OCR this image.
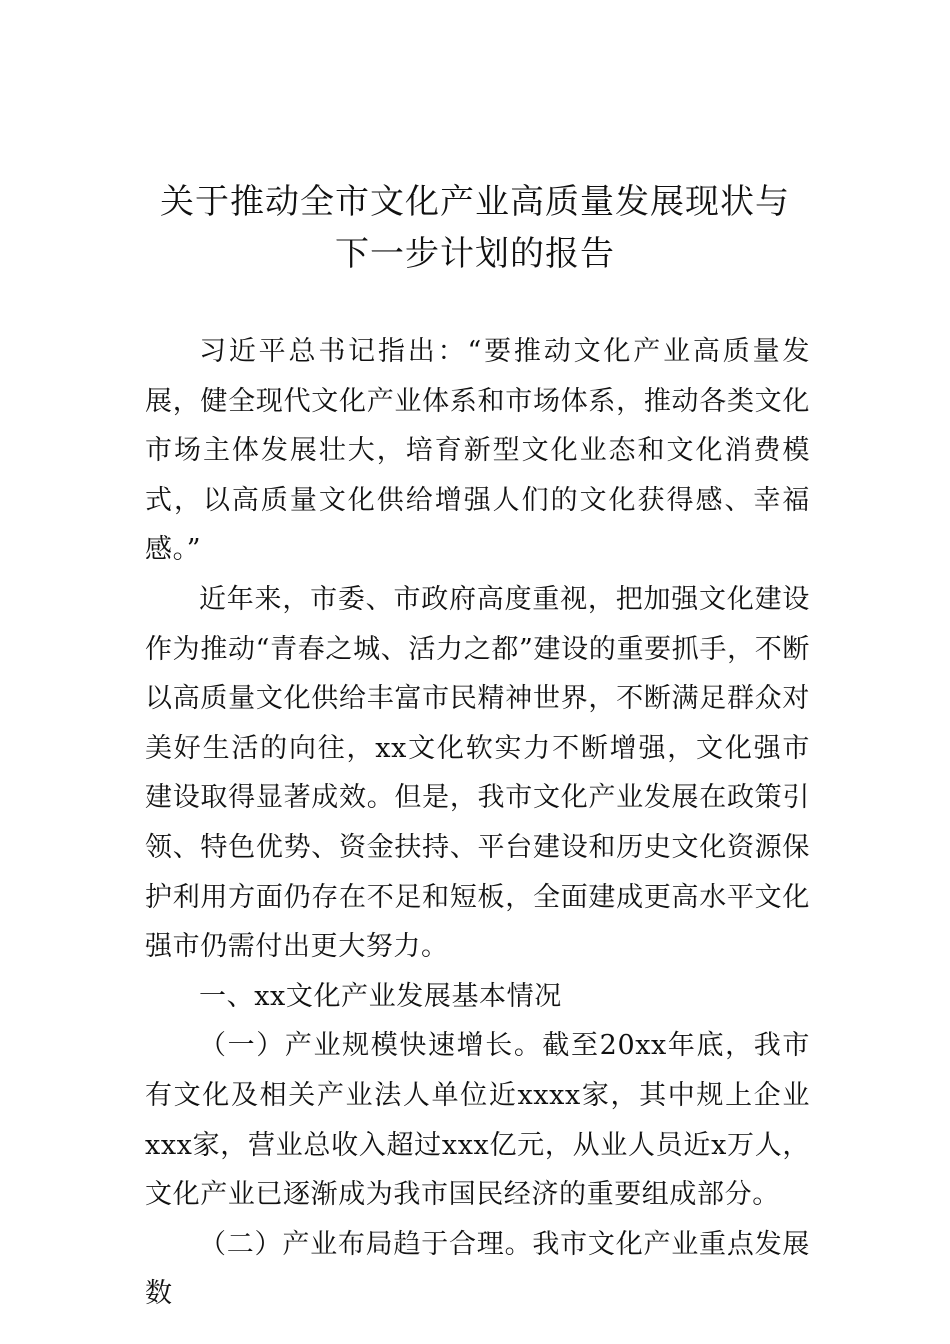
关于推动全市文化产业高质量发展现状与
下一步计划的报告

习近平总书记指出：“要推动文化产业高质量发展，健全现代文化产业体系和市场体系，推动各类文化市场主体发展壮大，培育新型文化业态和文化消费模式，以高质量文化供给增强人们的文化获得感、幸福感。”

近年来，市委、市政府高度重视，把加强文化建设作为推动“青春之城、活力之都”建设的重要抓手，不断以高质量文化供给丰富市民精神世界，不断满足群众对美好生活的向往，xx文化软实力不断增强，文化强市建设取得显著成效。但是，我市文化产业发展在政策引领、特色优势、资金扶持、平台建设和历史文化资源保护利用方面仍存在不足和短板，全面建成更高水平文化强市仍需付出更大努力。

一、xx文化产业发展基本情况

（一）产业规模快速增长。截至20xx年底，我市有文化及相关产业法人单位近xxxx家，其中规上企业xxx家，营业总收入超过xxx亿元，从业人员近x万人，文化产业已逐渐成为我市国民经济的重要组成部分。

（二）产业布局趋于合理。我市文化产业重点发展数
